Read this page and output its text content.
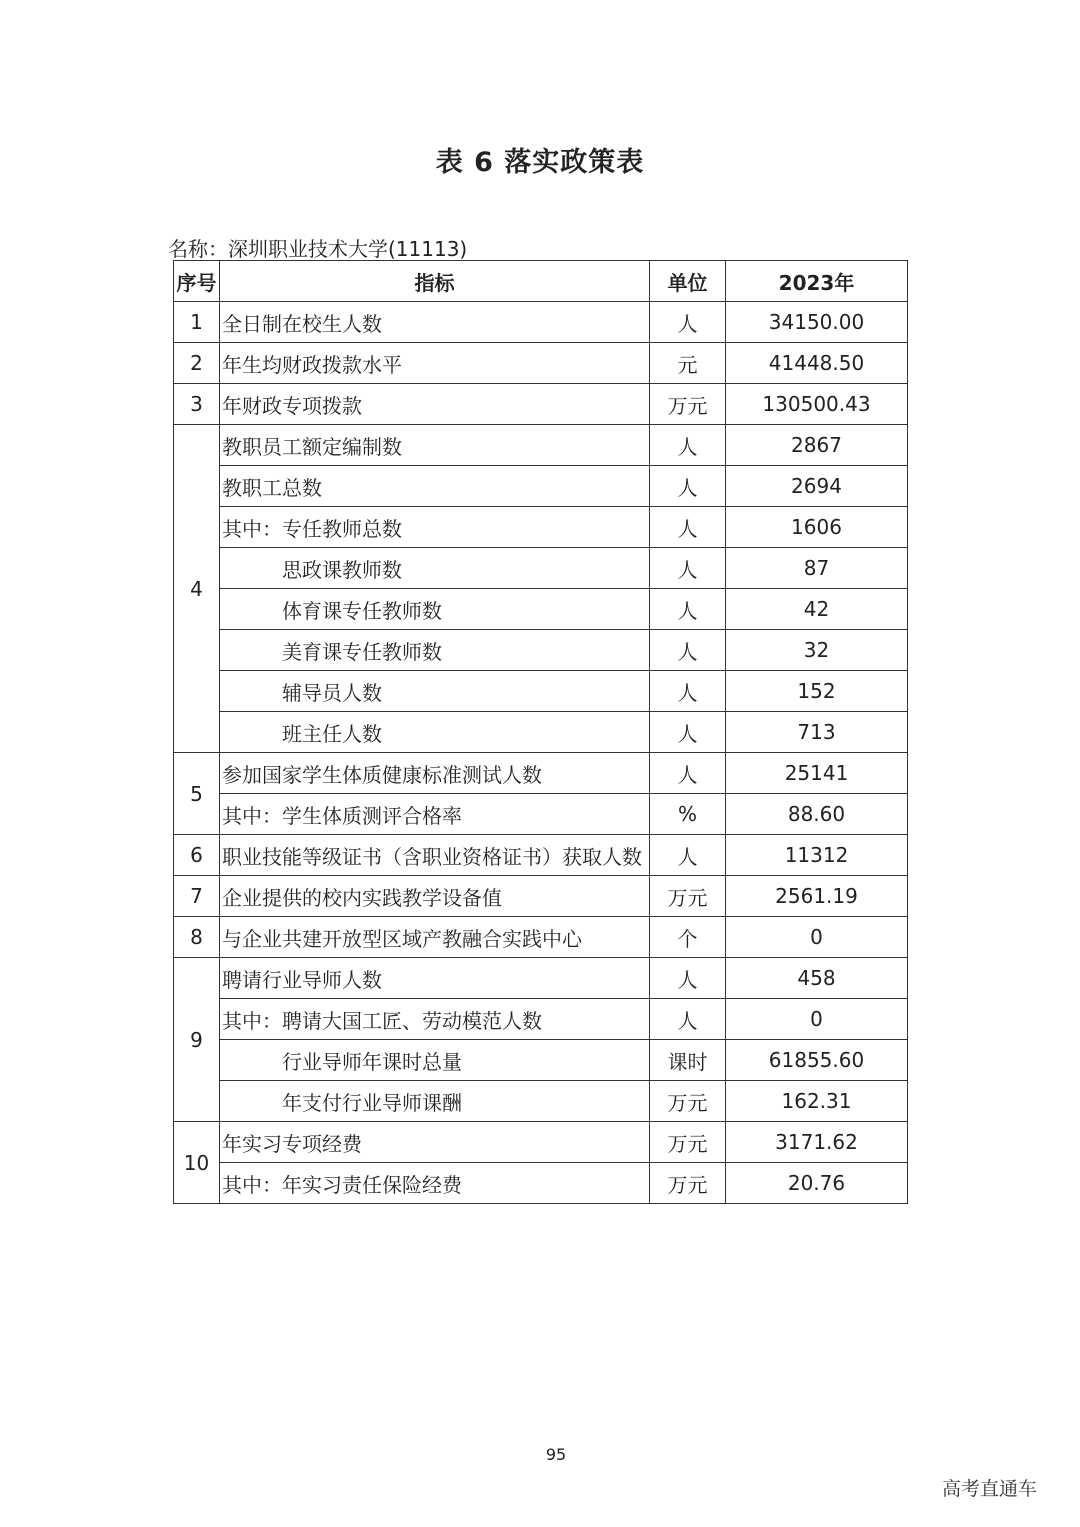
表 6 落实政策表
名称：深圳职业技术大学(11113)
序号	指标	单位	2023年
1	全日制在校生人数	人	34150.00
2	年生均财政拨款水平	元	41448.50
3	年财政专项拨款	万元	130500.43
4	教职员工额定编制数	人	2867
	教职工总数	人	2694
	其中：专任教师总数	人	1606
	思政课教师数	人	87
	体育课专任教师数	人	42
	美育课专任教师数	人	32
	辅导员人数	人	152
	班主任人数	人	713
5	参加国家学生体质健康标准测试人数	人	25141
	其中：学生体质测评合格率	%	88.60
6	职业技能等级证书（含职业资格证书）获取人数	人	11312
7	企业提供的校内实践教学设备值	万元	2561.19
8	与企业共建开放型区域产教融合实践中心	个	0
9	聘请行业导师人数	人	458
	其中：聘请大国工匠、劳动模范人数	人	0
	行业导师年课时总量	课时	61855.60
	年支付行业导师课酬	万元	162.31
10	年实习专项经费	万元	3171.62
	其中：年实习责任保险经费	万元	20.76
95
高考直通车
